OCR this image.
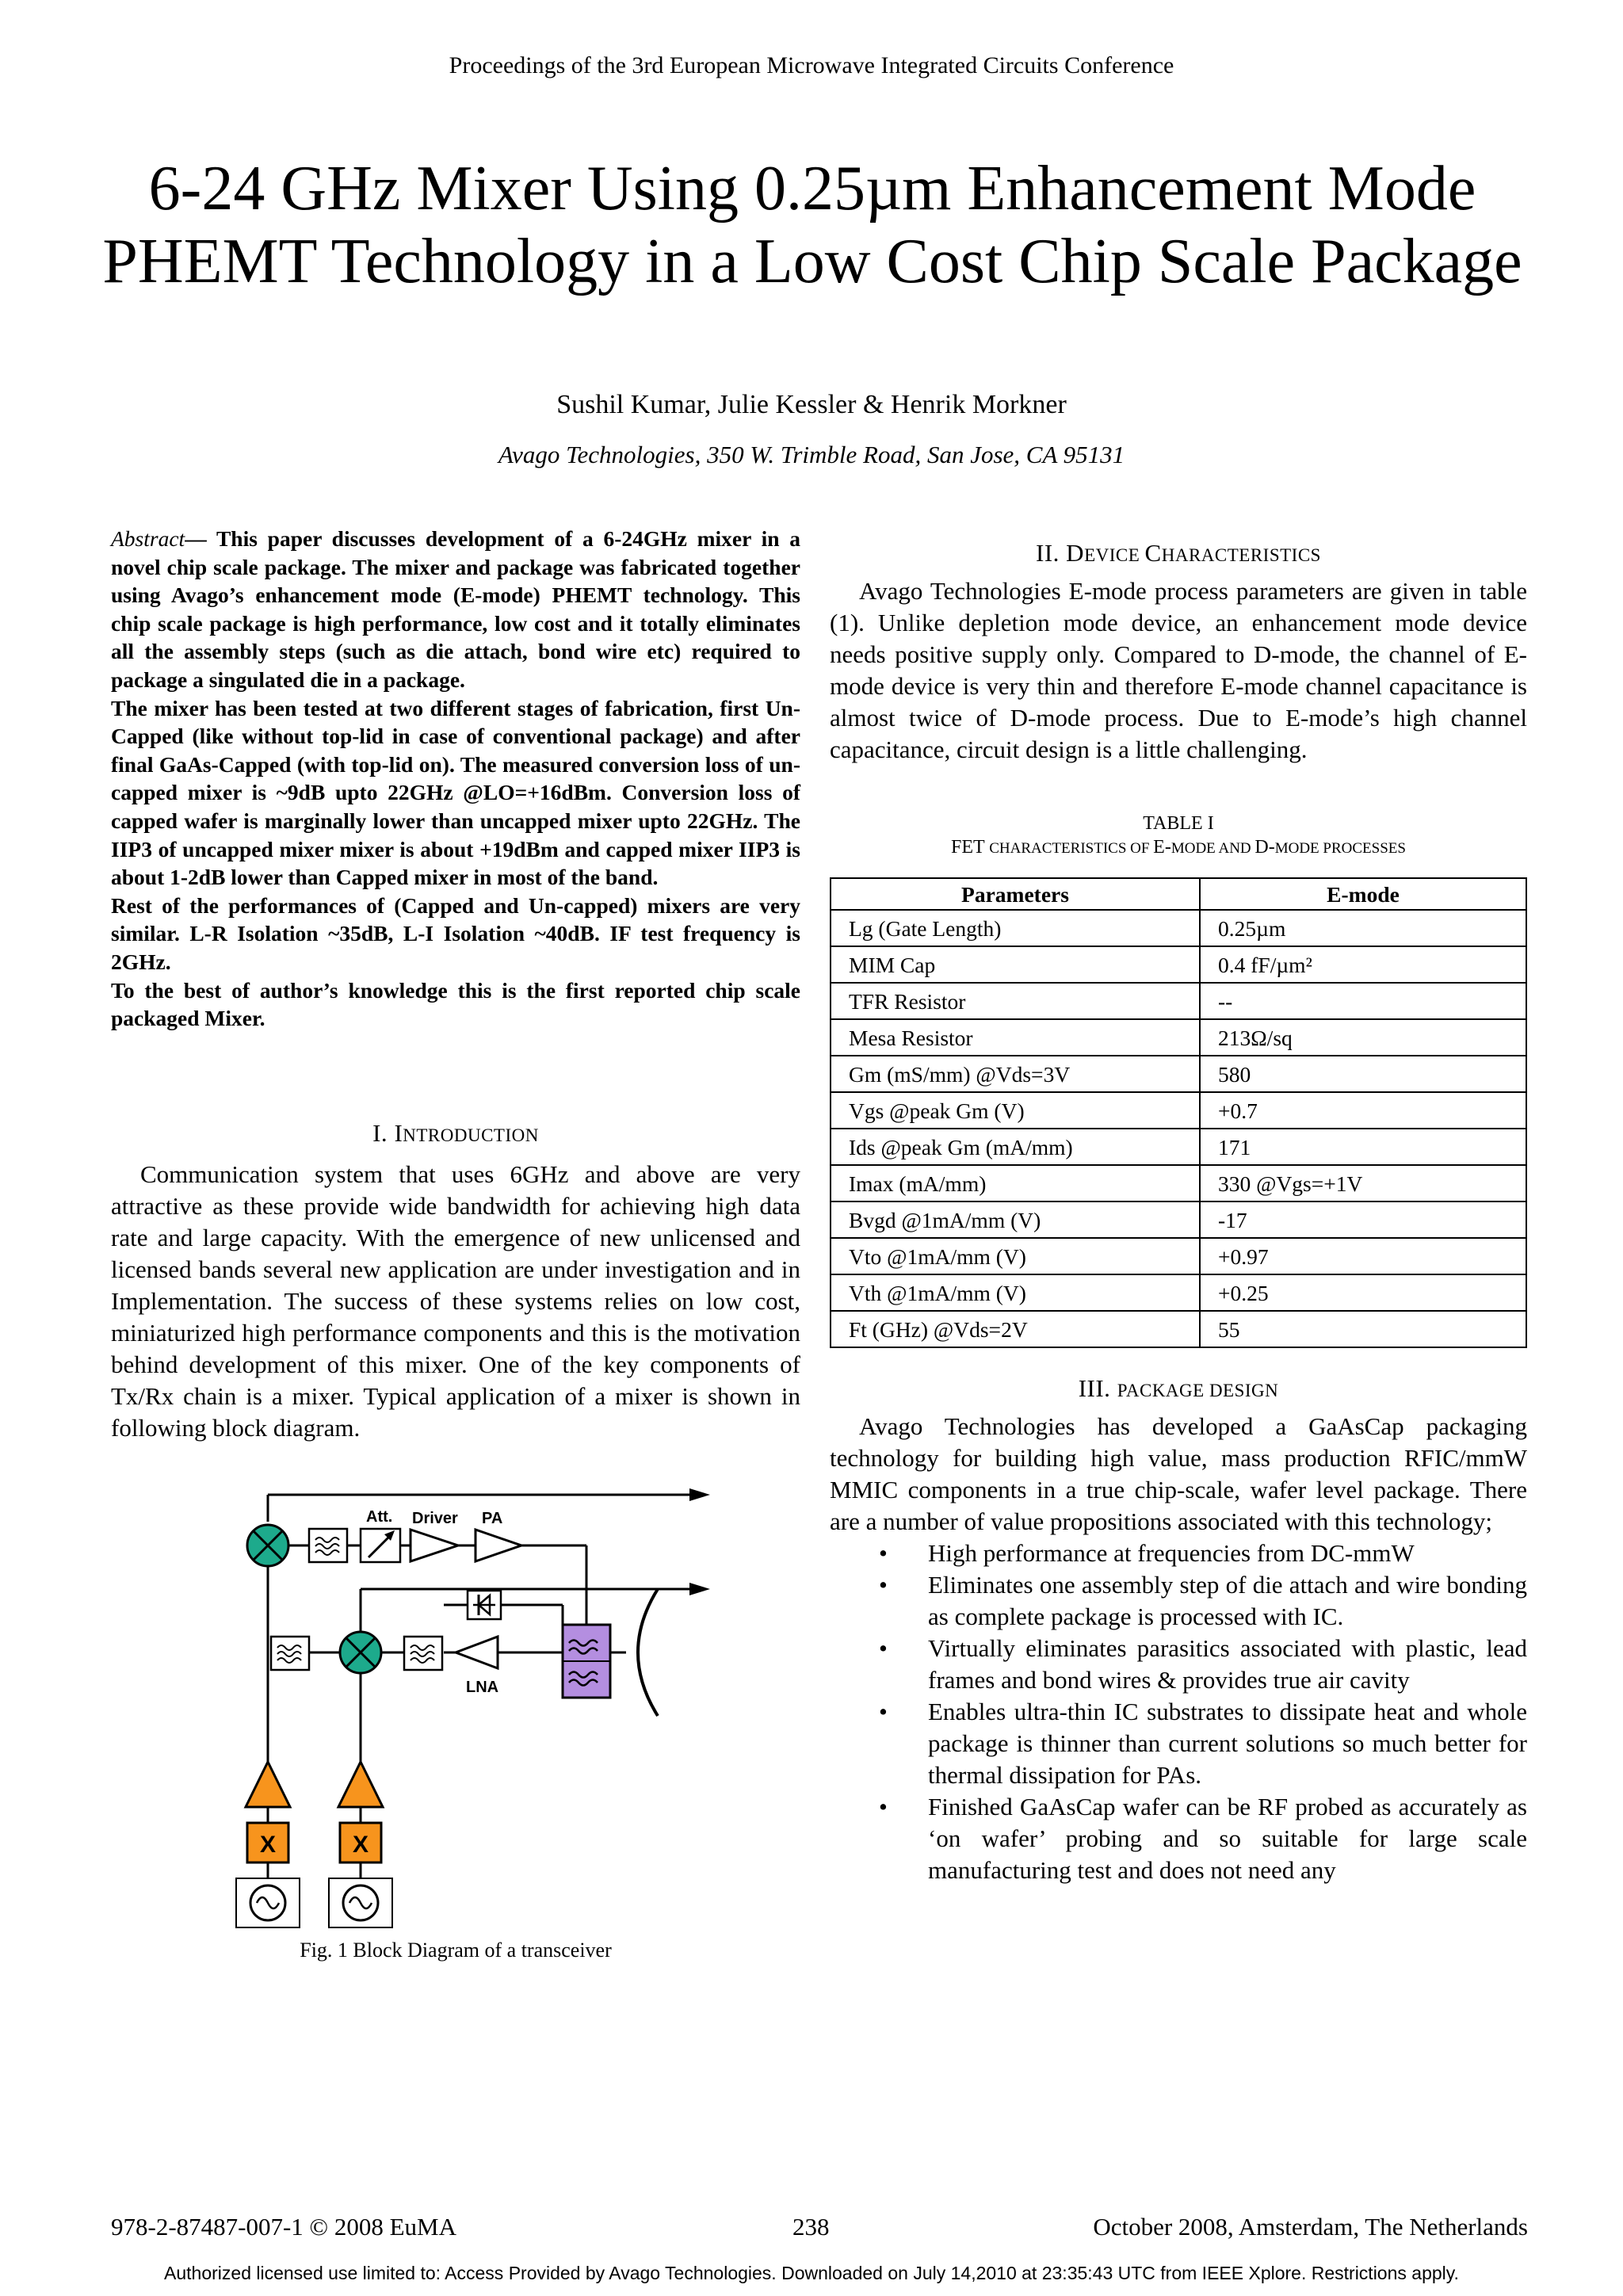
Proceedings of the 3rd European Microwave Integrated Circuits Conference
6-24 GHz Mixer Using 0.25µm Enhancement Mode PHEMT Technology in a Low Cost Chip Scale Package
Sushil Kumar, Julie Kessler & Henrik Morkner
Avago Technologies, 350 W. Trimble Road, San Jose, CA 95131

Abstract— This paper discusses development of a 6-24GHz mixer in a novel chip scale package. The mixer and package was fabricated together using Avago’s enhancement mode (E-mode) PHEMT technology. This chip scale package is high performance, low cost and it totally eliminates all the assembly steps (such as die attach, bond wire etc) required to package a singulated die in a package.

The mixer has been tested at two different stages of fabrication, first Un-Capped (like without top-lid in case of conventional package) and after final GaAs-Capped (with top-lid on). The measured conversion loss of un-capped mixer is ~9dB upto 22GHz @LO=+16dBm. Conversion loss of capped wafer is marginally lower than uncapped mixer upto 22GHz. The IIP3 of uncapped mixer mixer is about +19dBm and capped mixer IIP3 is about 1-2dB lower than Capped mixer in most of the band.

Rest of the performances of (Capped and Un-capped) mixers are very similar. L-R Isolation ~35dB, L-I Isolation ~40dB. IF test frequency is 2GHz.

To the best of author’s knowledge this is the first reported chip scale packaged Mixer.

I. INTRODUCTION

Communication system that uses 6GHz and above are very attractive as these provide wide bandwidth for achieving high data rate and large capacity. With the emergence of new unlicensed and licensed bands several new application are under investigation and in Implementation. The success of these systems relies on low cost, miniaturized high performance components and this is the motivation behind development of this mixer. One of the key components of Tx/Rx chain is a mixer. Typical application of a mixer is shown in following block diagram.

Att. Driver PA
LNA
X	X
Fig. 1 Block Diagram of a transceiver
II. DEVICE CHARACTERISTICS

Avago Technologies E-mode process parameters are given in table (1). Unlike depletion mode device, an enhancement mode device needs positive supply only. Compared to D-mode, the channel of E-mode device is very thin and therefore E-mode channel capacitance is almost twice of D-mode process. Due to E-mode’s high channel capacitance, circuit design is a little challenging.

TABLE I
FET CHARACTERISTICS OF E-MODE AND D-MODE PROCESSES
Parameters	E-mode
Lg (Gate Length)	0.25µm
MIM Cap	0.4 fF/µm²
TFR Resistor	--
Mesa Resistor	213Ω/sq
Gm (mS/mm) @Vds=3V	580
Vgs @peak Gm (V)	+0.7
Ids @peak Gm (mA/mm)	171
Imax (mA/mm)	330 @Vgs=+1V
Bvgd @1mA/mm (V)	-17
Vto @1mA/mm (V)	+0.97
Vth @1mA/mm (V)	+0.25
Ft (GHz) @Vds=2V	55
III. PACKAGE DESIGN

Avago Technologies has developed a GaAsCap packaging technology for building high value, mass production RFIC/mmW MMIC components in a true chip-scale, wafer level package. There are a number of value propositions associated with this technology;

• High performance at frequencies from DC-mmW
• Eliminates one assembly step of die attach and wire bonding as complete package is processed with IC.
• Virtually eliminates parasitics associated with plastic, lead frames and bond wires & provides true air cavity
• Enables ultra-thin IC substrates to dissipate heat and whole package is thinner than current solutions so much better for thermal dissipation for PAs.
• Finished GaAsCap wafer can be RF probed as accurately as ‘on wafer’ probing and so suitable for large scale manufacturing test and does not need any
978-2-87487-007-1 © 2008 EuMA	238	October 2008, Amsterdam, The Netherlands
Authorized licensed use limited to: Access Provided by Avago Technologies. Downloaded on July 14,2010 at 23:35:43 UTC from IEEE Xplore. Restrictions apply.
